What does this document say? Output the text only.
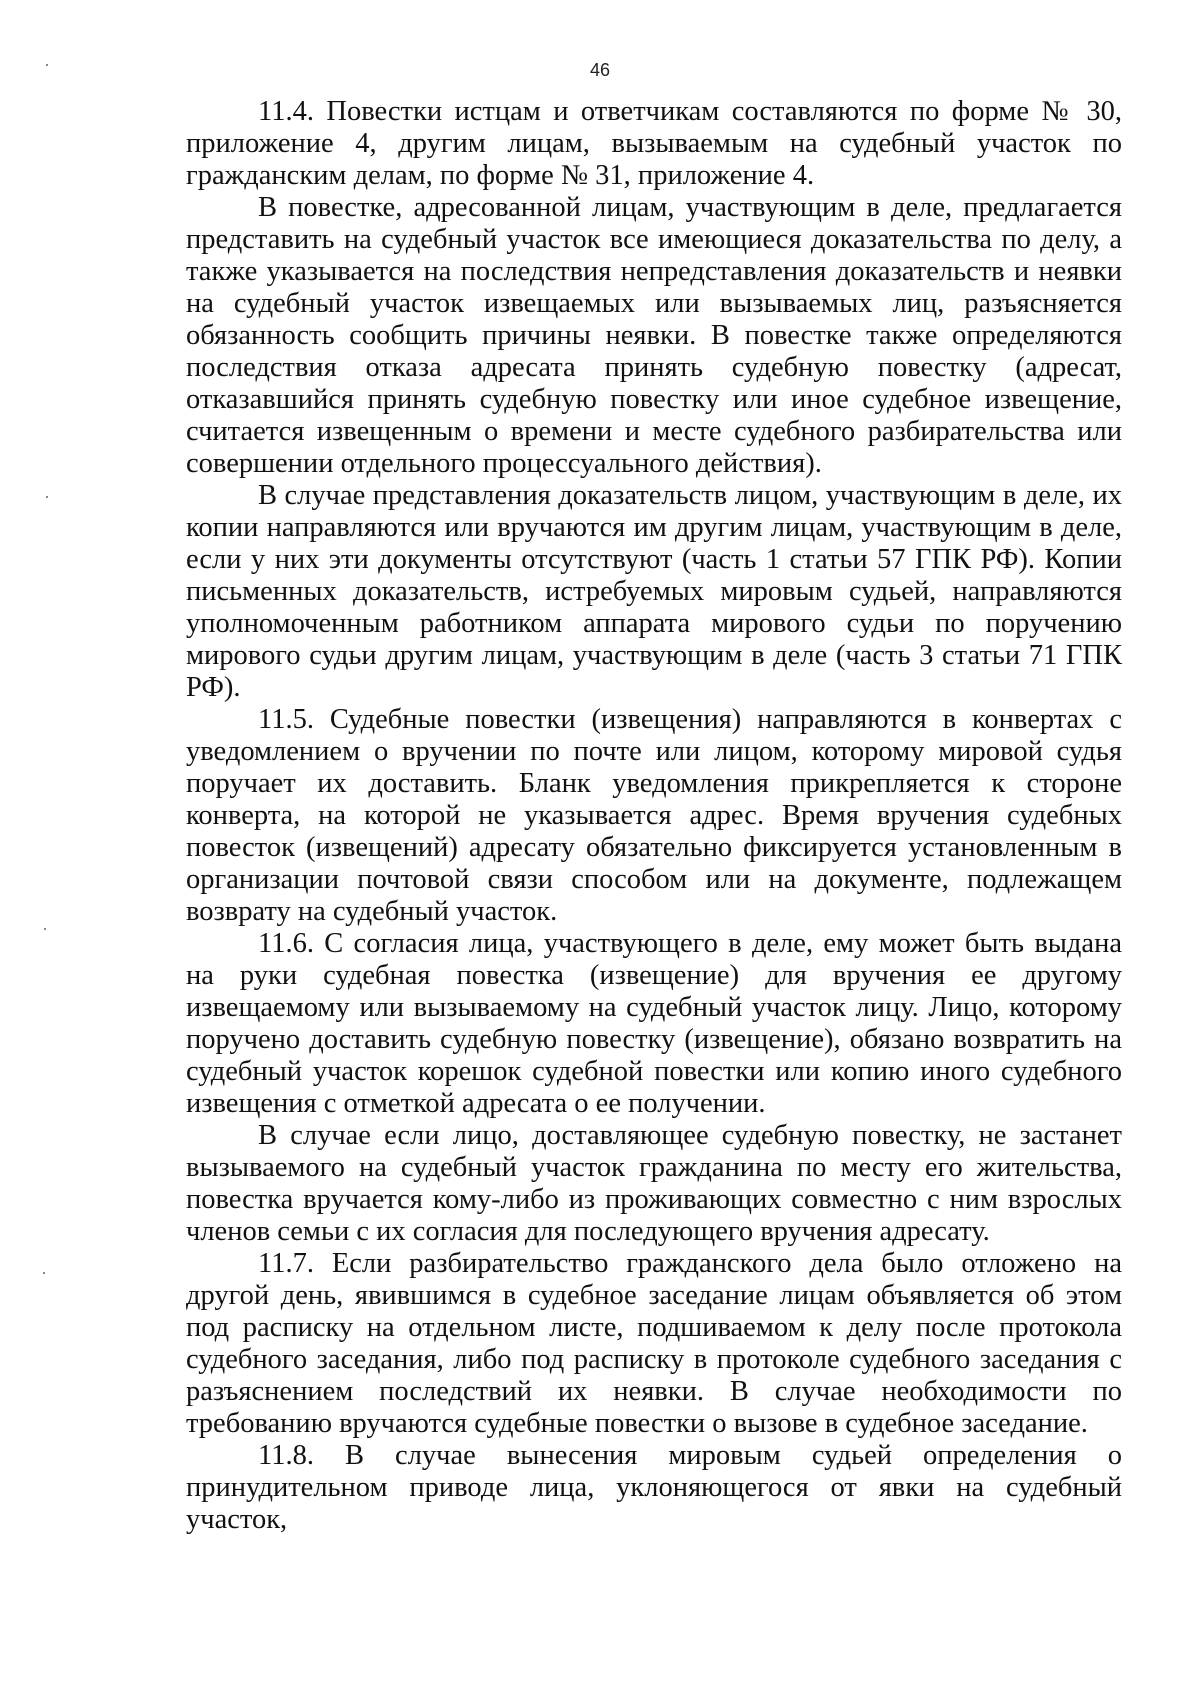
46

11.4. Повестки истцам и ответчикам составляются по форме № 30, приложение 4, другим лицам, вызываемым на судебный участок по гражданским делам, по форме № 31, приложение 4.

В повестке, адресованной лицам, участвующим в деле, предлагается представить на судебный участок все имеющиеся доказательства по делу, а также указывается на последствия непредставления доказательств и неявки на судебный участок извещаемых или вызываемых лиц, разъясняется обязанность сообщить причины неявки. В повестке также определяются последствия отказа адресата принять судебную повестку (адресат, отказавшийся принять судебную повестку или иное судебное извещение, считается извещенным о времени и месте судебного разбирательства или совершении отдельного процессуального действия).

В случае представления доказательств лицом, участвующим в деле, их копии направляются или вручаются им другим лицам, участвующим в деле, если у них эти документы отсутствуют (часть 1 статьи 57 ГПК РФ). Копии письменных доказательств, истребуемых мировым судьей, направляются уполномоченным работником аппарата мирового судьи по поручению мирового судьи другим лицам, участвующим в деле (часть 3 статьи 71 ГПК РФ).

11.5. Судебные повестки (извещения) направляются в конвертах с уведомлением о вручении по почте или лицом, которому мировой судья поручает их доставить. Бланк уведомления прикрепляется к стороне конверта, на которой не указывается адрес. Время вручения судебных повесток (извещений) адресату обязательно фиксируется установленным в организации почтовой связи способом или на документе, подлежащем возврату на судебный участок.

11.6. С согласия лица, участвующего в деле, ему может быть выдана на руки судебная повестка (извещение) для вручения ее другому извещаемому или вызываемому на судебный участок лицу. Лицо, которому поручено доставить судебную повестку (извещение), обязано возвратить на судебный участок корешок судебной повестки или копию иного судебного извещения с отметкой адресата о ее получении.

В случае если лицо, доставляющее судебную повестку, не застанет вызываемого на судебный участок гражданина по месту его жительства, повестка вручается кому-либо из проживающих совместно с ним взрослых членов семьи с их согласия для последующего вручения адресату.

11.7. Если разбирательство гражданского дела было отложено на другой день, явившимся в судебное заседание лицам объявляется об этом под расписку на отдельном листе, подшиваемом к делу после протокола судебного заседания, либо под расписку в протоколе судебного заседания с разъяснением последствий их неявки. В случае необходимости по требованию вручаются судебные повестки о вызове в судебное заседание.

11.8. В случае вынесения мировым судьей определения о принудительном приводе лица, уклоняющегося от явки на судебный участок,
